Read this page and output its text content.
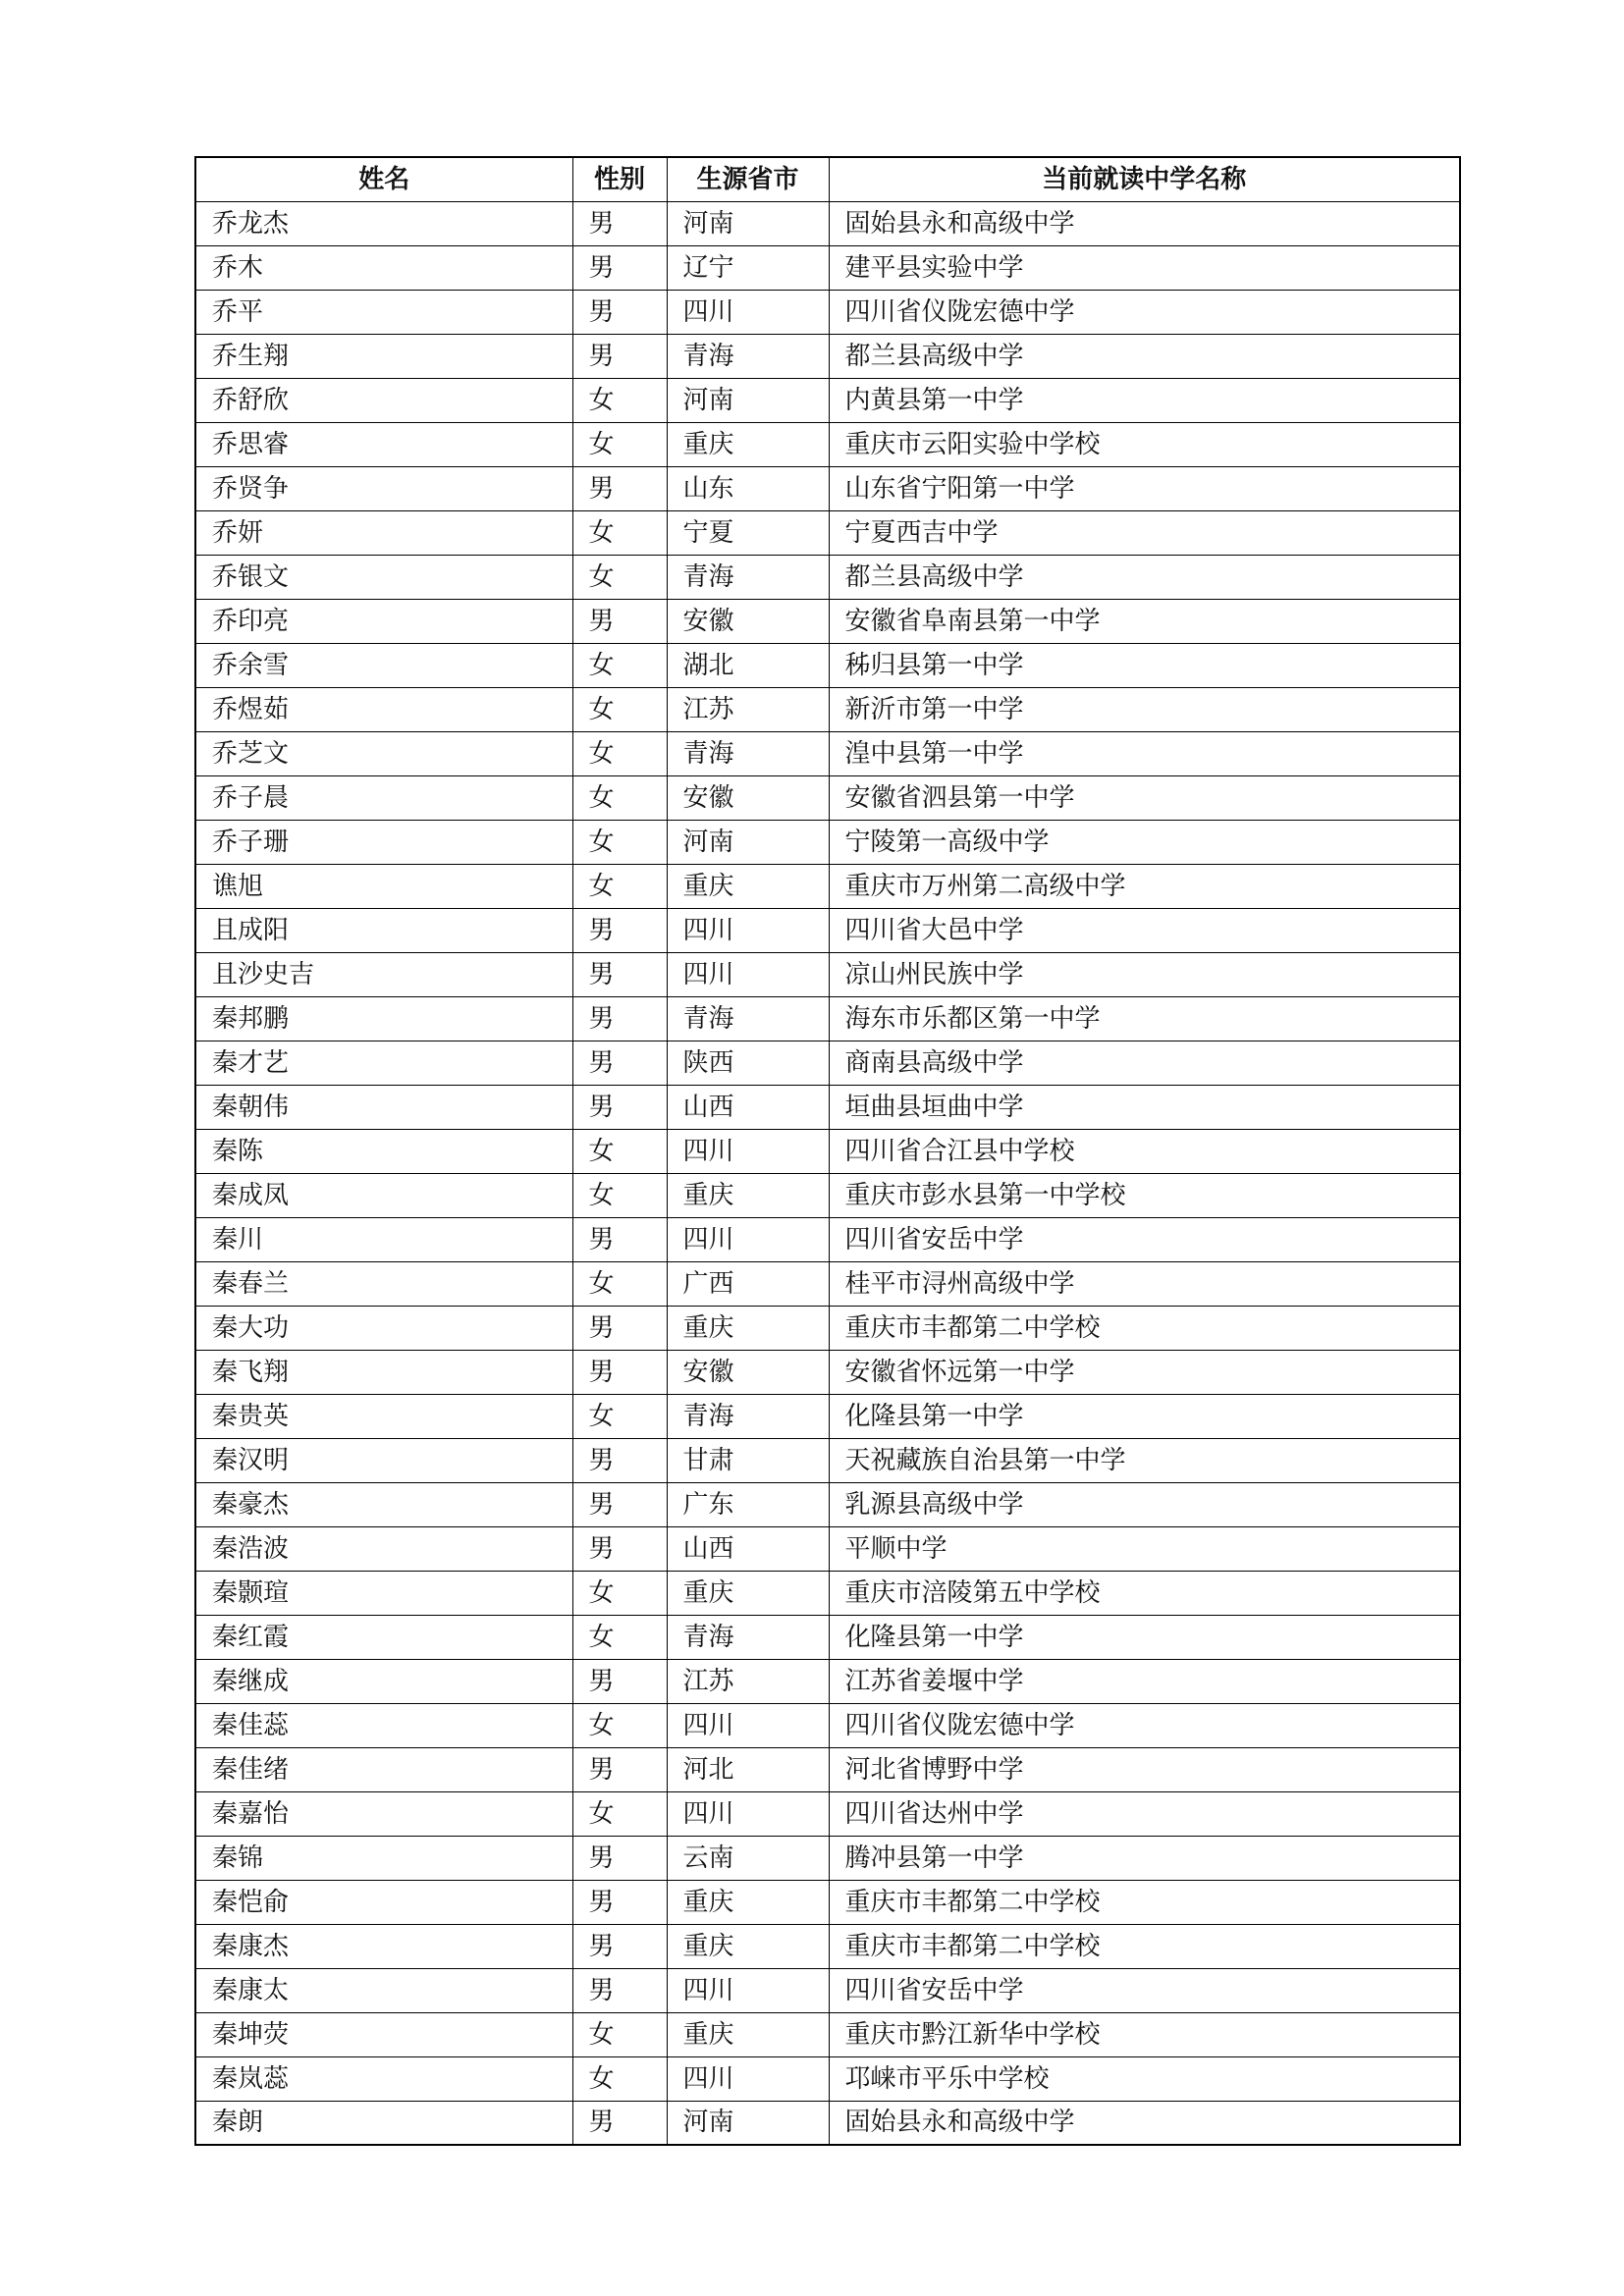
姓名	性别	生源省市	当前就读中学名称
乔龙杰	男	河南	固始县永和高级中学
乔木	男	辽宁	建平县实验中学
乔平	男	四川	四川省仪陇宏德中学
乔生翔	男	青海	都兰县高级中学
乔舒欣	女	河南	内黄县第一中学
乔思睿	女	重庆	重庆市云阳实验中学校
乔贤争	男	山东	山东省宁阳第一中学
乔妍	女	宁夏	宁夏西吉中学
乔银文	女	青海	都兰县高级中学
乔印亮	男	安徽	安徽省阜南县第一中学
乔余雪	女	湖北	秭归县第一中学
乔煜茹	女	江苏	新沂市第一中学
乔芝文	女	青海	湟中县第一中学
乔子晨	女	安徽	安徽省泗县第一中学
乔子珊	女	河南	宁陵第一高级中学
谯旭	女	重庆	重庆市万州第二高级中学
且成阳	男	四川	四川省大邑中学
且沙史吉	男	四川	凉山州民族中学
秦邦鹏	男	青海	海东市乐都区第一中学
秦才艺	男	陕西	商南县高级中学
秦朝伟	男	山西	垣曲县垣曲中学
秦陈	女	四川	四川省合江县中学校
秦成凤	女	重庆	重庆市彭水县第一中学校
秦川	男	四川	四川省安岳中学
秦春兰	女	广西	桂平市浔州高级中学
秦大功	男	重庆	重庆市丰都第二中学校
秦飞翔	男	安徽	安徽省怀远第一中学
秦贵英	女	青海	化隆县第一中学
秦汉明	男	甘肃	天祝藏族自治县第一中学
秦豪杰	男	广东	乳源县高级中学
秦浩波	男	山西	平顺中学
秦颢瑄	女	重庆	重庆市涪陵第五中学校
秦红霞	女	青海	化隆县第一中学
秦继成	男	江苏	江苏省姜堰中学
秦佳蕊	女	四川	四川省仪陇宏德中学
秦佳绪	男	河北	河北省博野中学
秦嘉怡	女	四川	四川省达州中学
秦锦	男	云南	腾冲县第一中学
秦恺俞	男	重庆	重庆市丰都第二中学校
秦康杰	男	重庆	重庆市丰都第二中学校
秦康太	男	四川	四川省安岳中学
秦坤荧	女	重庆	重庆市黔江新华中学校
秦岚蕊	女	四川	邛崃市平乐中学校
秦朗	男	河南	固始县永和高级中学
